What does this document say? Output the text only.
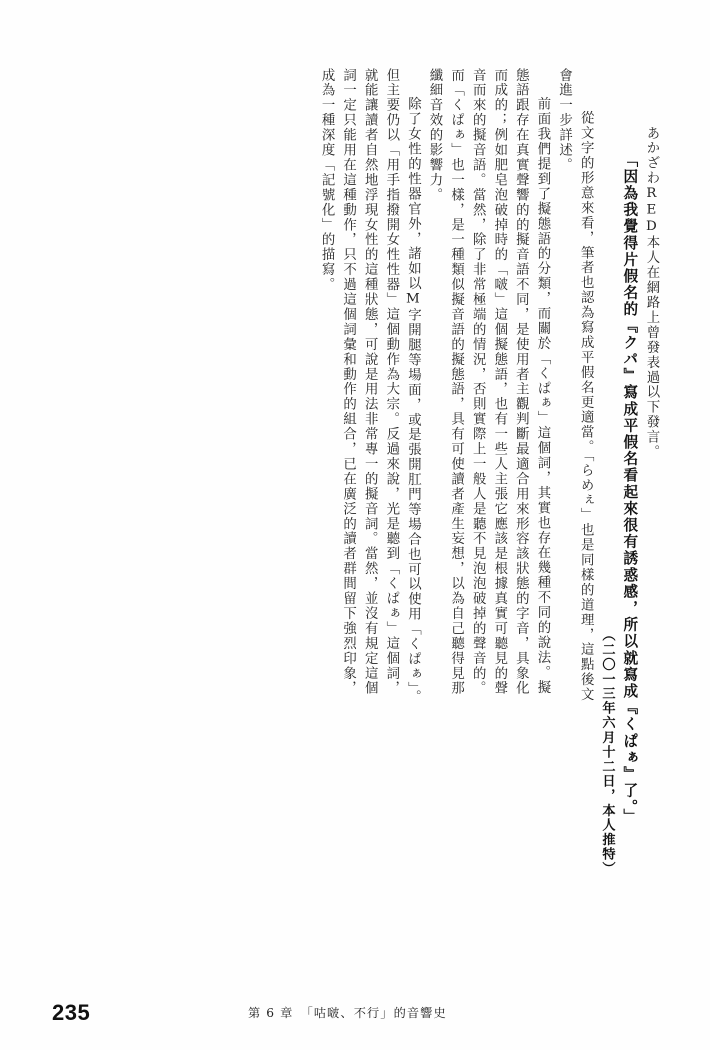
あかざわRED本人在網路上曾發表過以下發言。
「因為我覺得片假名的『クパ』寫成平假名看起來很有誘惑感，所以就寫成『くぱぁ』了。」
（二〇一三年六月十二日，本人推特）
　從文字的形意來看，筆者也認為寫成平假名更適當。「らめぇ」也是同樣的道理，這點後文
會進一步詳述。
　前面我們提到了擬態語的分類，而關於「くぱぁ」這個詞，其實也存在幾種不同的說法。擬
態語跟存在真實聲響的的擬音語不同，是使用者主觀判斷最適合用來形容該狀態的字音，具象化
而成的；例如肥皂泡破掉時的「啵」這個擬態語，也有一些人主張它應該是根據真實可聽見的聲
音而來的擬音語。當然，除了非常極端的情況，否則實際上一般人是聽不見泡泡破掉的聲音的。
而「くぱぁ」也一樣，是一種類似擬音語的擬態語，具有可使讀者產生妄想，以為自己聽得見那
纖細音效的影響力。
　除了女性的性器官外，諸如以M字開腿等場面，或是張開肛門等場合也可以使用「くぱぁ」。
但主要仍以「用手指撥開女性性器」這個動作為大宗。反過來說，光是聽到「くぱぁ」這個詞，
就能讓讀者自然地浮現女性的這種狀態，可說是用法非常專一的擬音詞。當然，並沒有規定這個
詞一定只能用在這種動作，只不過這個詞彙和動作的組合，已在廣泛的讀者群間留下強烈印象，
成為一種深度「記號化」的描寫。
235	第 6 章　「咕啵、不行」的音響史
